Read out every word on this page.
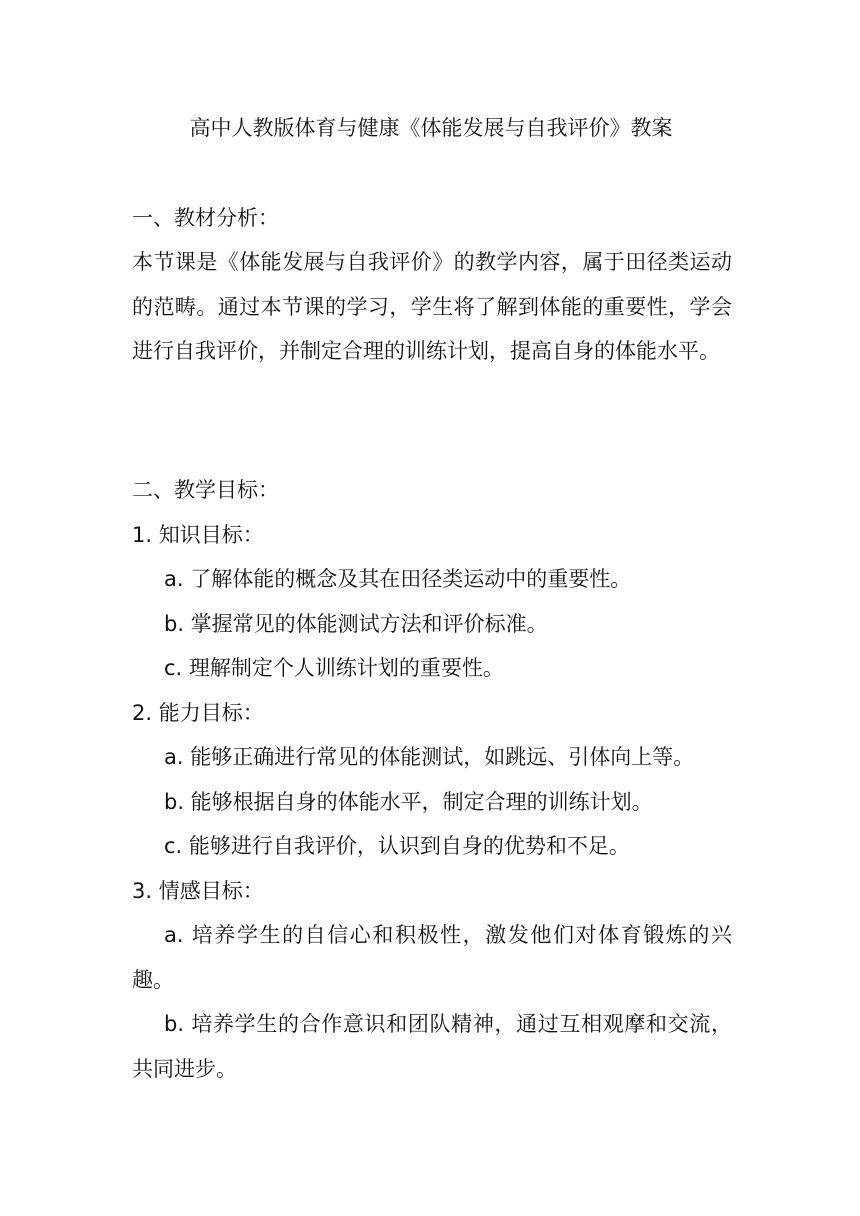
高中人教版体育与健康《体能发展与自我评价》教案
一、教材分析：
本节课是《体能发展与自我评价》的教学内容，属于田径类运动的范畴。通过本节课的学习，学生将了解到体能的重要性，学会进行自我评价，并制定合理的训练计划，提高自身的体能水平。
二、教学目标：
1. 知识目标：
a. 了解体能的概念及其在田径类运动中的重要性。
b. 掌握常见的体能测试方法和评价标准。
c. 理解制定个人训练计划的重要性。
2. 能力目标：
a. 能够正确进行常见的体能测试，如跳远、引体向上等。
b. 能够根据自身的体能水平，制定合理的训练计划。
c. 能够进行自我评价，认识到自身的优势和不足。
3. 情感目标：
a. 培养学生的自信心和积极性，激发他们对体育锻炼的兴趣。
b. 培养学生的合作意识和团队精神，通过互相观摩和交流，共同进步。
